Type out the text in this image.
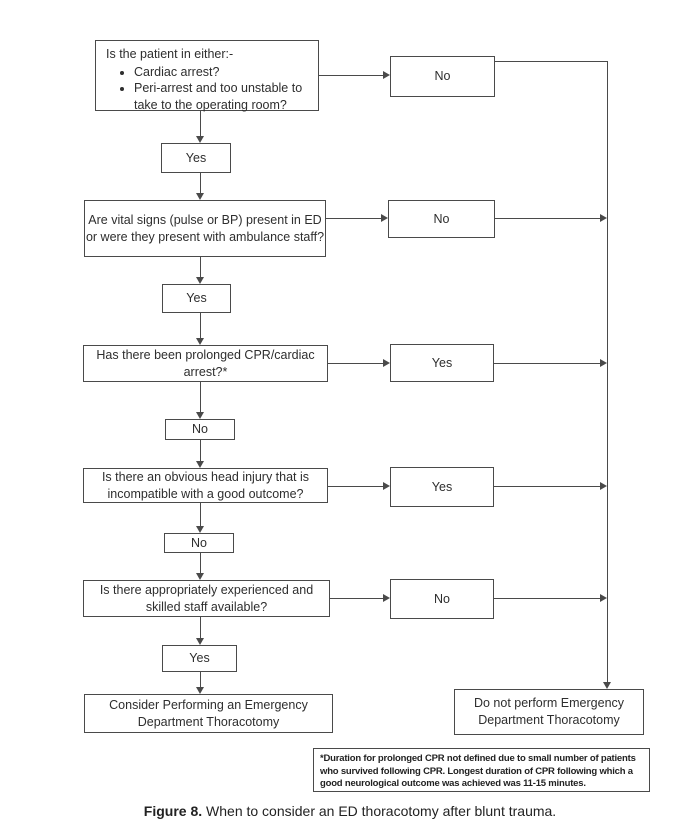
Is the patient in either:-
• Cardiac arrest?
• Peri-arrest and too unstable to take to the operating room?
Yes
Yes
No
No
Yes
Are vital signs (pulse or BP) present in ED or were they present with ambulance staff?
Has there been prolonged CPR/cardiac arrest?*
Is there an obvious head injury that is incompatible with a good outcome?
Is there appropriately experienced and skilled staff available?
No
No
Yes
Yes
No
Consider Performing an Emergency Department Thoracotomy
Do not perform Emergency Department Thoracotomy
*Duration for prolonged CPR not defined due to small number of patients who survived following CPR. Longest duration of CPR following which a good neurological outcome was achieved was 11-15 minutes.
Figure 8. When to consider an ED thoracotomy after blunt trauma.
